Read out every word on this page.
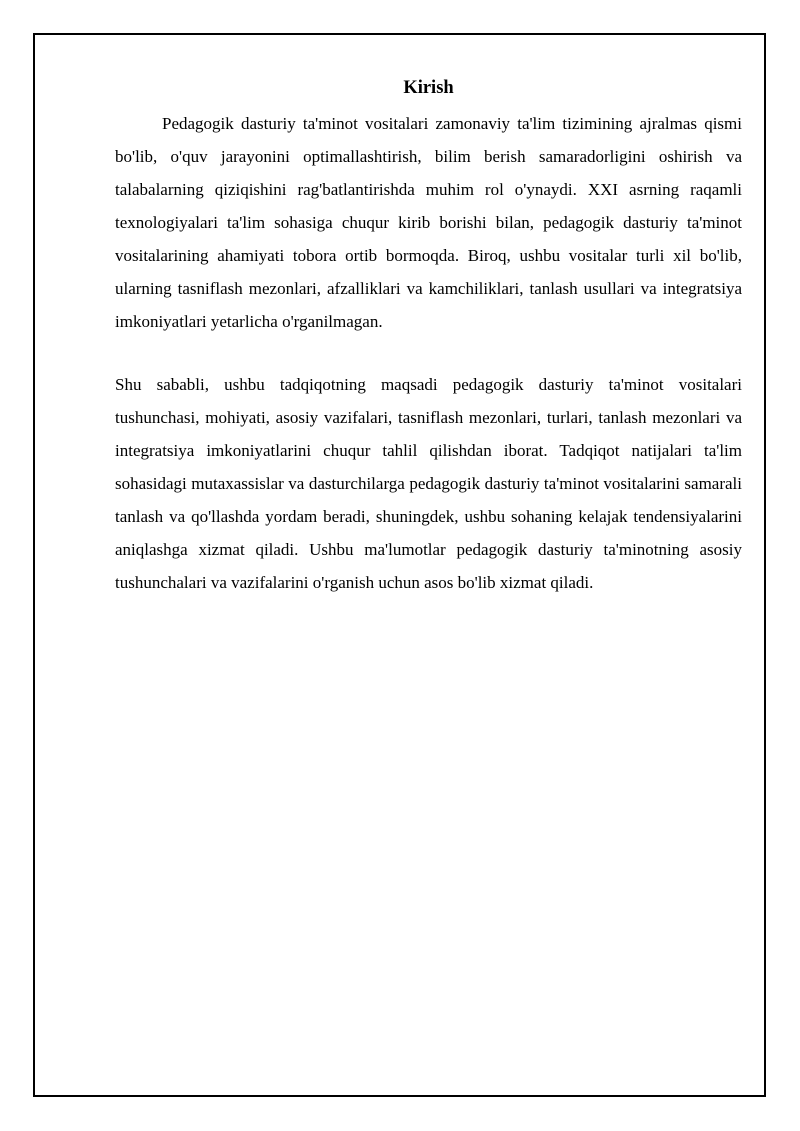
Kirish

Pedagogik dasturiy ta'minot vositalari zamonaviy ta'lim tizimining ajralmas qismi bo'lib, o'quv jarayonini optimallashtirish, bilim berish samaradorligini oshirish va talabalarning qiziqishini rag'batlantirishda muhim rol o'ynaydi. XXI asrning raqamli texnologiyalari ta'lim sohasiga chuqur kirib borishi bilan, pedagogik dasturiy ta'minot vositalarining ahamiyati tobora ortib bormoqda. Biroq, ushbu vositalar turli xil bo'lib, ularning tasniflash mezonlari, afzalliklari va kamchiliklari, tanlash usullari va integratsiya imkoniyatlari yetarlicha o'rganilmagan.

Shu sababli, ushbu tadqiqotning maqsadi pedagogik dasturiy ta'minot vositalari tushunchasi, mohiyati, asosiy vazifalari, tasniflash mezonlari, turlari, tanlash mezonlari va integratsiya imkoniyatlarini chuqur tahlil qilishdan iborat. Tadqiqot natijalari ta'lim sohasidagi mutaxassislar va dasturchilarga pedagogik dasturiy ta'minot vositalarini samarali tanlash va qo'llashda yordam beradi, shuningdek, ushbu sohaning kelajak tendensiyalarini aniqlashga xizmat qiladi. Ushbu ma'lumotlar pedagogik dasturiy ta'minotning asosiy tushunchalari va vazifalarini o'rganish uchun asos bo'lib xizmat qiladi.
